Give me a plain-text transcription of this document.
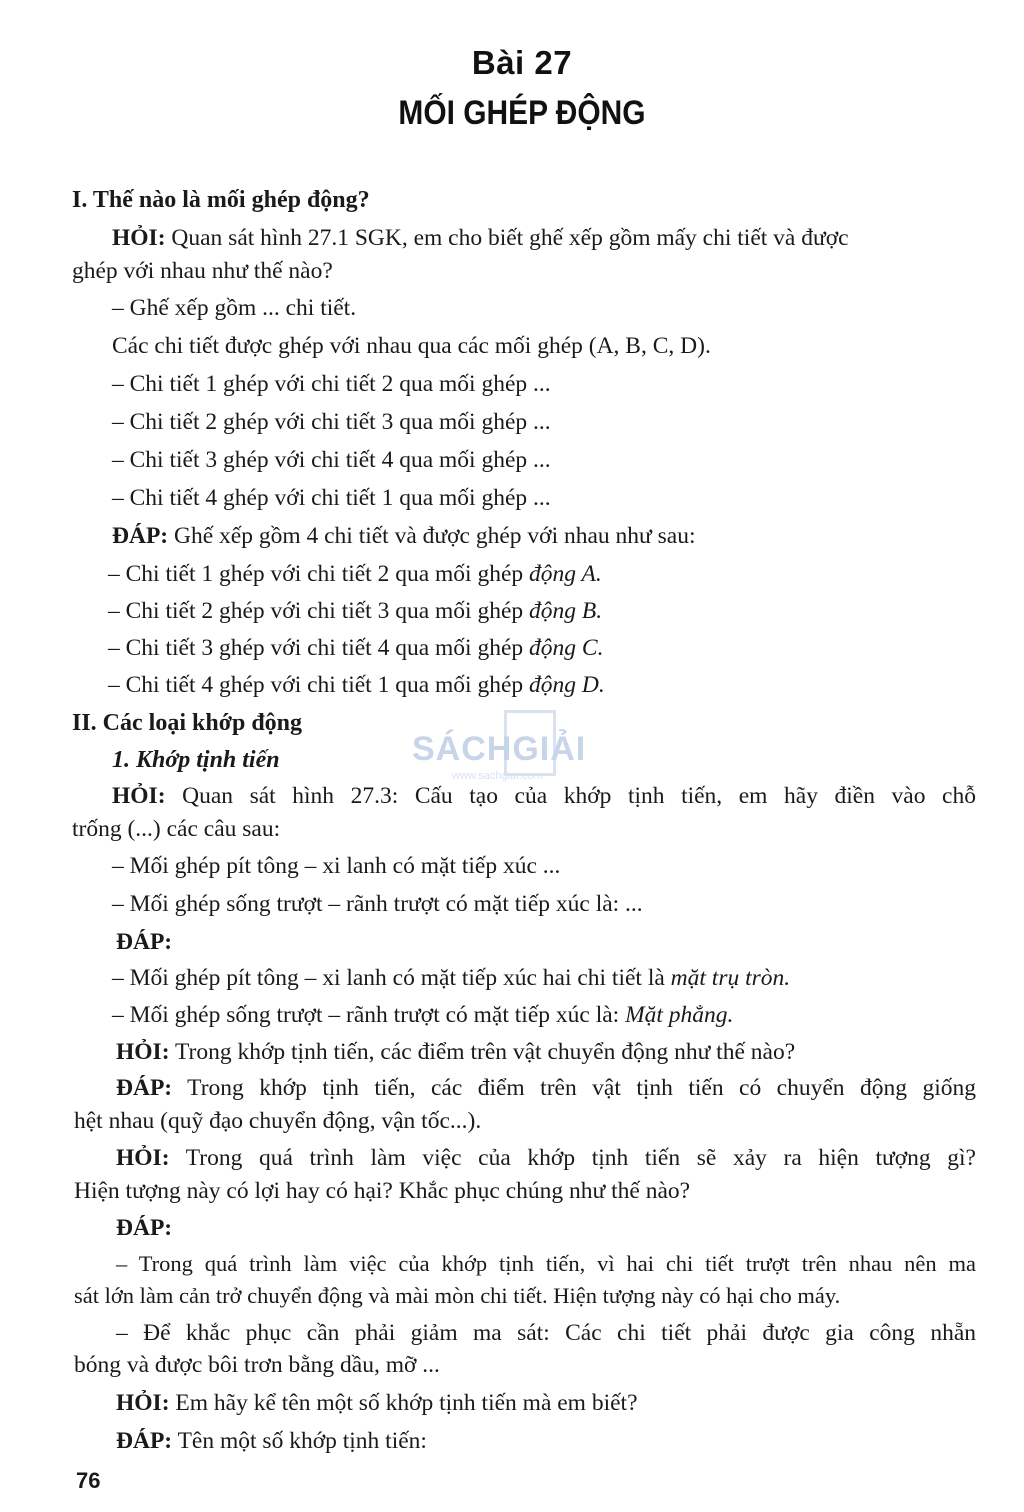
Bài 27
MỐI GHÉP ĐỘNG
I. Thế nào là mối ghép động?
HỎI: Quan sát hình 27.1 SGK, em cho biết ghế xếp gồm mấy chi tiết và được
ghép với nhau như thế nào?
– Ghế xếp gồm ... chi tiết.
Các chi tiết được ghép với nhau qua các mối ghép (A, B, C, D).
– Chi tiết 1 ghép với chi tiết 2 qua mối ghép ...
– Chi tiết 2 ghép với chi tiết 3 qua mối ghép ...
– Chi tiết 3 ghép với chi tiết 4 qua mối ghép ...
– Chi tiết 4 ghép với chi tiết 1 qua mối ghép ...
ĐÁP: Ghế xếp gồm 4 chi tiết và được ghép với nhau như sau:
– Chi tiết 1 ghép với chi tiết 2 qua mối ghép động A.
– Chi tiết 2 ghép với chi tiết 3 qua mối ghép động B.
– Chi tiết 3 ghép với chi tiết 4 qua mối ghép động C.
– Chi tiết 4 ghép với chi tiết 1 qua mối ghép động D.
II. Các loại khớp động
1. Khớp tịnh tiến
HỎI: Quan sát hình 27.3: Cấu tạo của khớp tịnh tiến, em hãy điền vào chỗ
trống (...) các câu sau:
– Mối ghép pít tông – xi lanh có mặt tiếp xúc ...
– Mối ghép sống trượt – rãnh trượt có mặt tiếp xúc là: ...
ĐÁP:
– Mối ghép pít tông – xi lanh có mặt tiếp xúc hai chi tiết là mặt trụ tròn.
– Mối ghép sống trượt – rãnh trượt có mặt tiếp xúc là: Mặt phẳng.
HỎI: Trong khớp tịnh tiến, các điểm trên vật chuyển động như thế nào?
ĐÁP: Trong khớp tịnh tiến, các điểm trên vật tịnh tiến có chuyển động giống
hệt nhau (quỹ đạo chuyển động, vận tốc...).
HỎI: Trong quá trình làm việc của khớp tịnh tiến sẽ xảy ra hiện tượng gì?
Hiện tượng này có lợi hay có hại? Khắc phục chúng như thế nào?
ĐÁP:
– Trong quá trình làm việc của khớp tịnh tiến, vì hai chi tiết trượt trên nhau nên ma
sát lớn làm cản trở chuyển động và mài mòn chi tiết. Hiện tượng này có hại cho máy.
– Để khắc phục cần phải giảm ma sát: Các chi tiết phải được gia công nhẵn
bóng và được bôi trơn bằng dầu, mỡ ...
HỎI: Em hãy kể tên một số khớp tịnh tiến mà em biết?
ĐÁP: Tên một số khớp tịnh tiến:
SÁCHGIẢI
www.sachgiai.com
76
